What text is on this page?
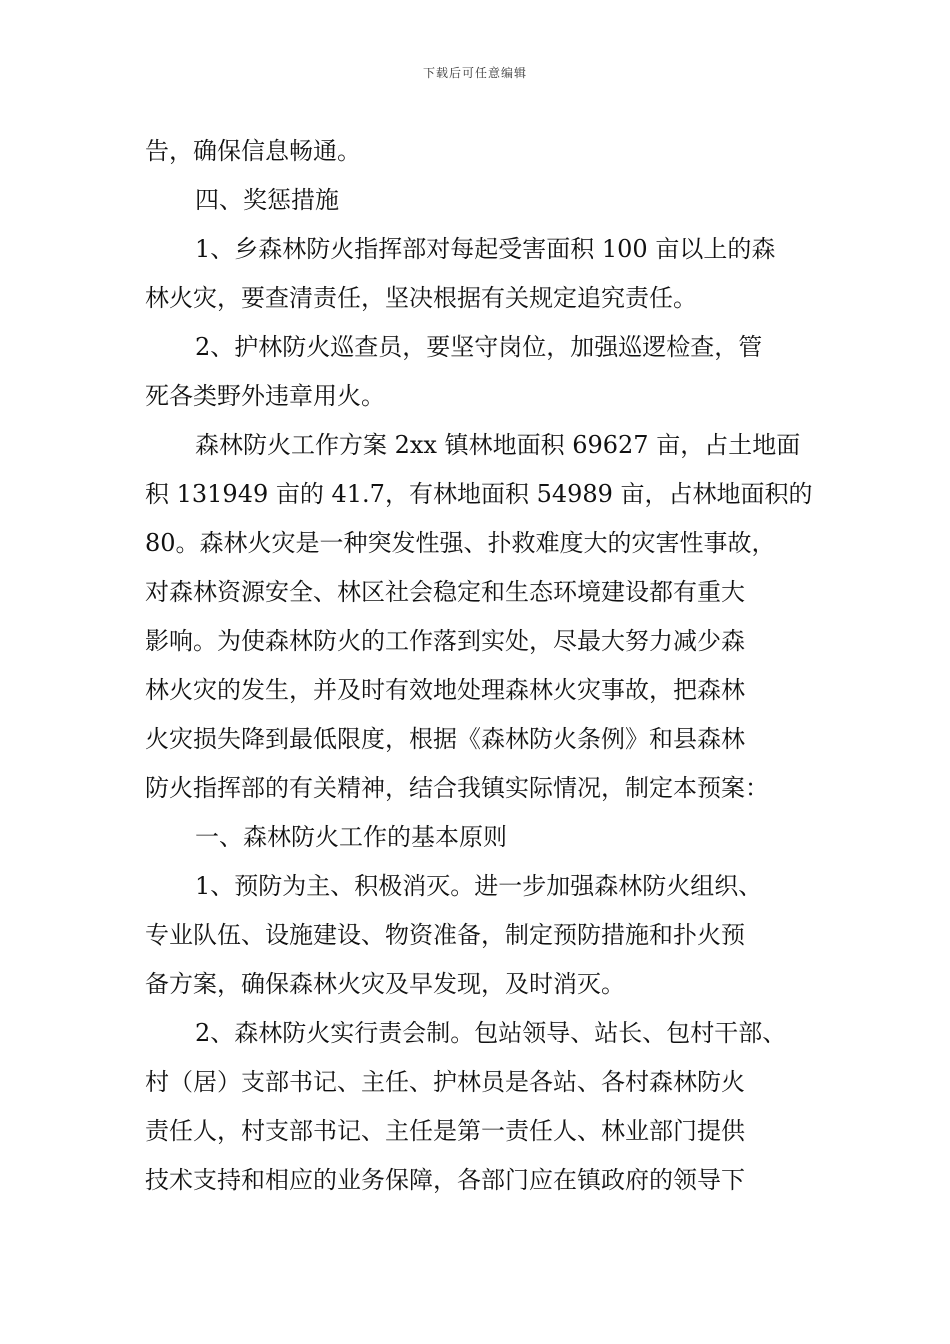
下载后可任意编辑
告，确保信息畅通。
四、奖惩措施
1、乡森林防火指挥部对每起受害面积 100 亩以上的森
林火灾，要查清责任，坚决根据有关规定追究责任。
2、护林防火巡查员，要坚守岗位，加强巡逻检查，管
死各类野外违章用火。
森林防火工作方案 2xx 镇林地面积 69627 亩，占土地面
积 131949 亩的 41.7，有林地面积 54989 亩，占林地面积的
80。森林火灾是一种突发性强、扑救难度大的灾害性事故，
对森林资源安全、林区社会稳定和生态环境建设都有重大
影响。为使森林防火的工作落到实处，尽最大努力减少森
林火灾的发生，并及时有效地处理森林火灾事故，把森林
火灾损失降到最低限度，根据《森林防火条例》和县森林
防火指挥部的有关精神，结合我镇实际情况，制定本预案：
一、森林防火工作的基本原则
1、预防为主、积极消灭。进一步加强森林防火组织、
专业队伍、设施建设、物资准备，制定预防措施和扑火预
备方案，确保森林火灾及早发现，及时消灭。
2、森林防火实行责会制。包站领导、站长、包村干部、
村（居）支部书记、主任、护林员是各站、各村森林防火
责任人，村支部书记、主任是第一责任人、林业部门提供
技术支持和相应的业务保障，各部门应在镇政府的领导下
